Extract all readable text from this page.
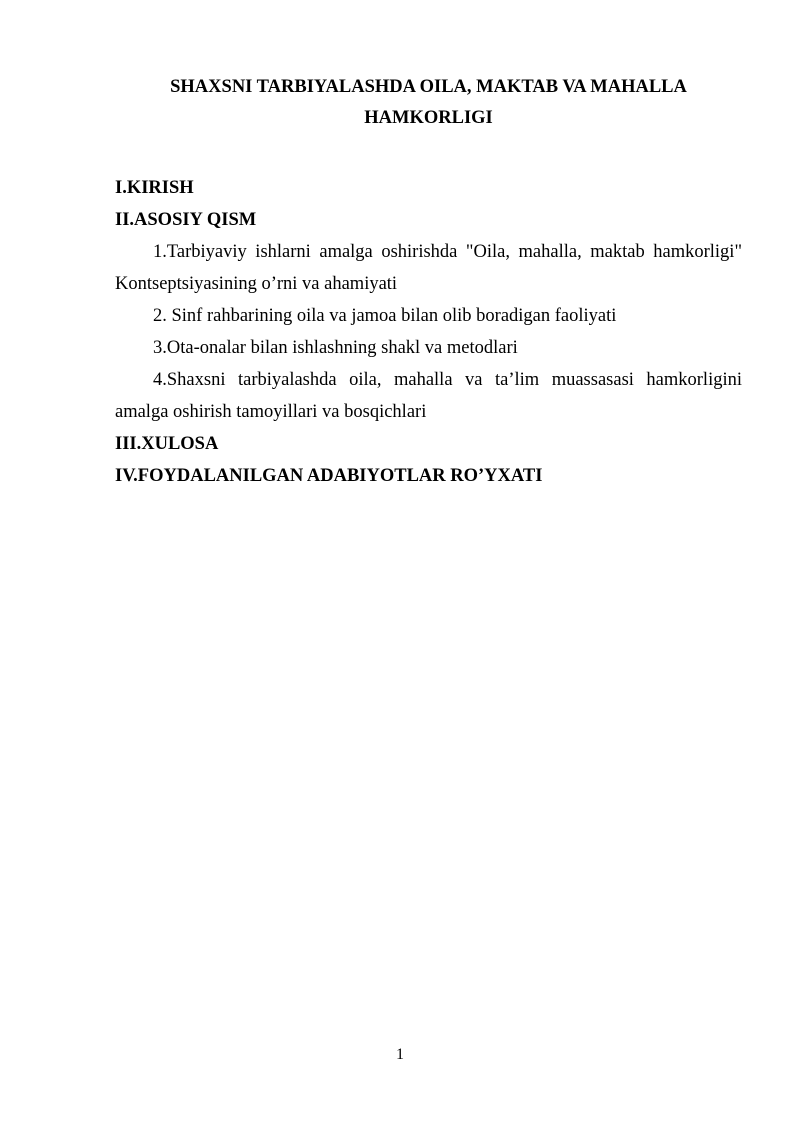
SHAXSNI TARBIYALASHDA OILA, MAKTAB VA MAHALLA
HAMKORLIGI
I.KIRISH
II.ASOSIY QISM
1.Tarbiyaviy ishlarni amalga oshirishda "Oila, mahalla, maktab hamkorligi" Kontseptsiyasining o’rni va ahamiyati
2. Sinf rahbarining oila va jamoa bilan olib boradigan faoliyati
3.Ota-onalar bilan ishlashning shakl va metodlari
4.Shaxsni tarbiyalashda oila, mahalla va ta’lim muassasasi hamkorligini amalga oshirish tamoyillari va bosqichlari
III.XULOSA
IV.FOYDALANILGAN ADABIYOTLAR RO’YXATI
1
